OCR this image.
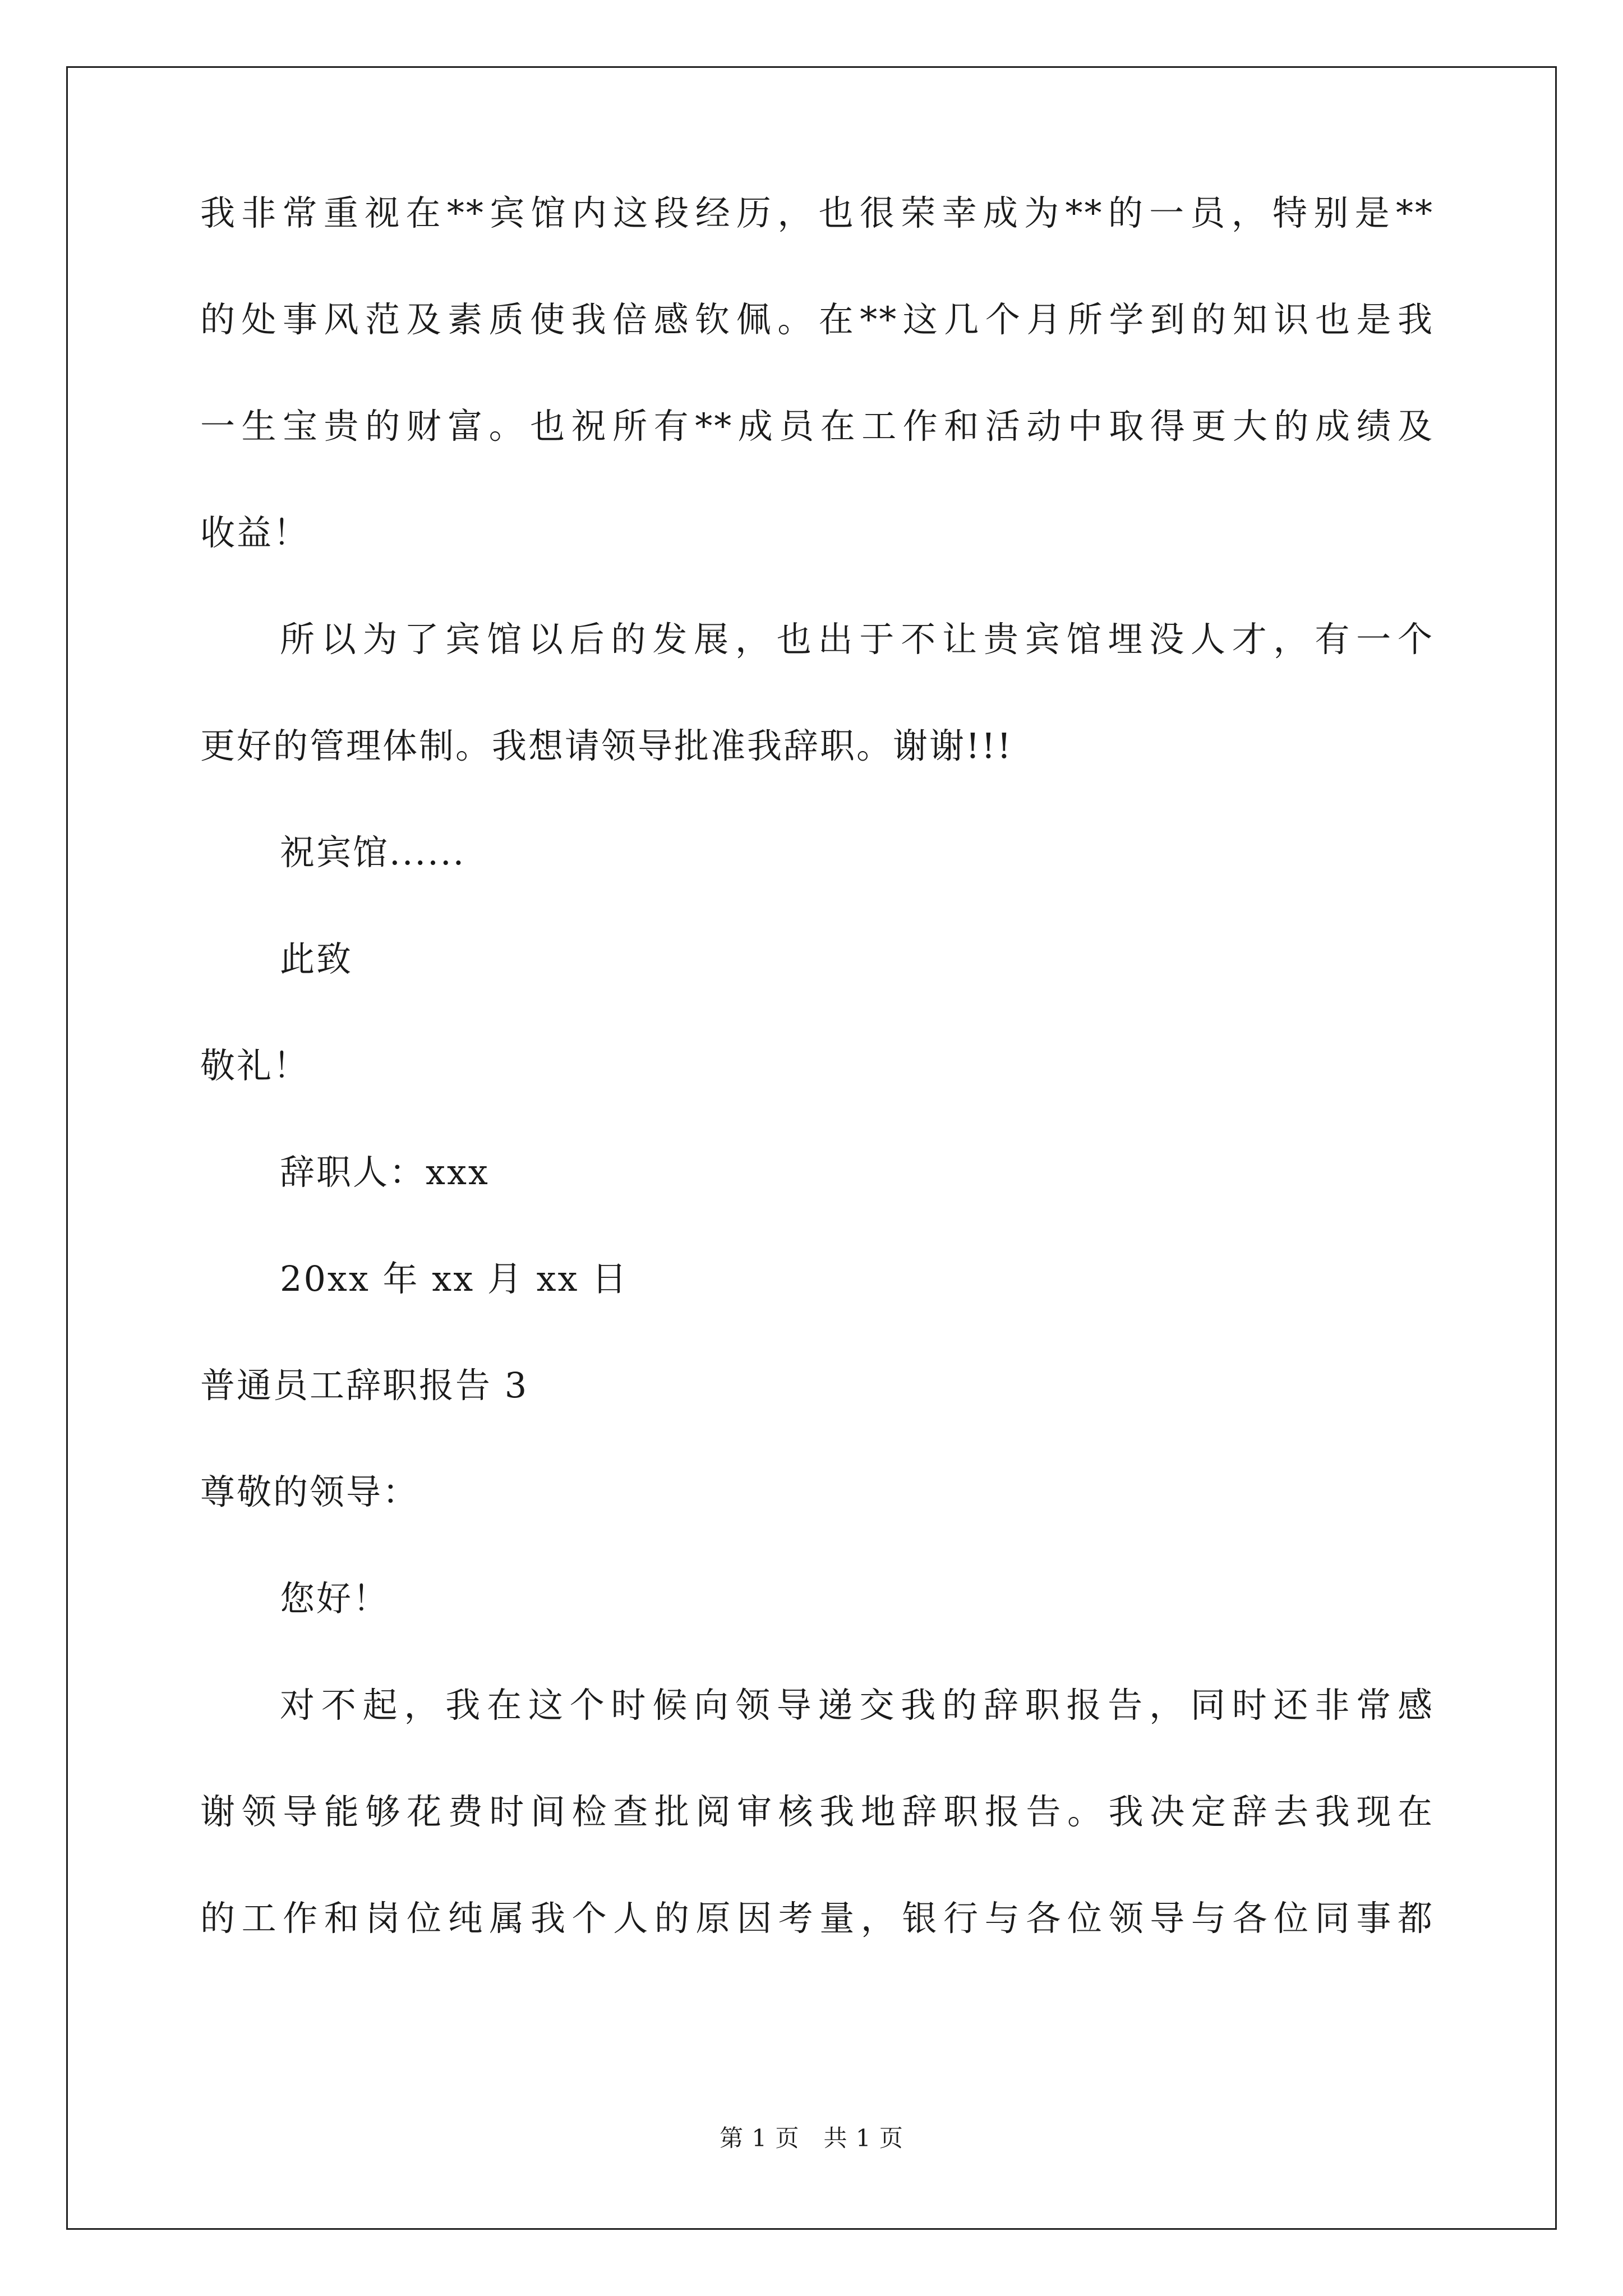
我非常重视在**宾馆内这段经历，也很荣幸成为**的一员，特别是**
的处事风范及素质使我倍感钦佩。在**这几个月所学到的知识也是我
一生宝贵的财富。也祝所有**成员在工作和活动中取得更大的成绩及
收益！
所以为了宾馆以后的发展，也出于不让贵宾馆埋没人才，有一个
更好的管理体制。我想请领导批准我辞职。谢谢!!!
祝宾馆......
此致
敬礼！
辞职人：xxx
20xx 年 xx 月 xx 日
普通员工辞职报告 3
尊敬的领导：
您好！
对不起，我在这个时候向领导递交我的辞职报告，同时还非常感
谢领导能够花费时间检查批阅审核我地辞职报告。我决定辞去我现在
的工作和岗位纯属我个人的原因考量，银行与各位领导与各位同事都
第 1 页　共 1 页
